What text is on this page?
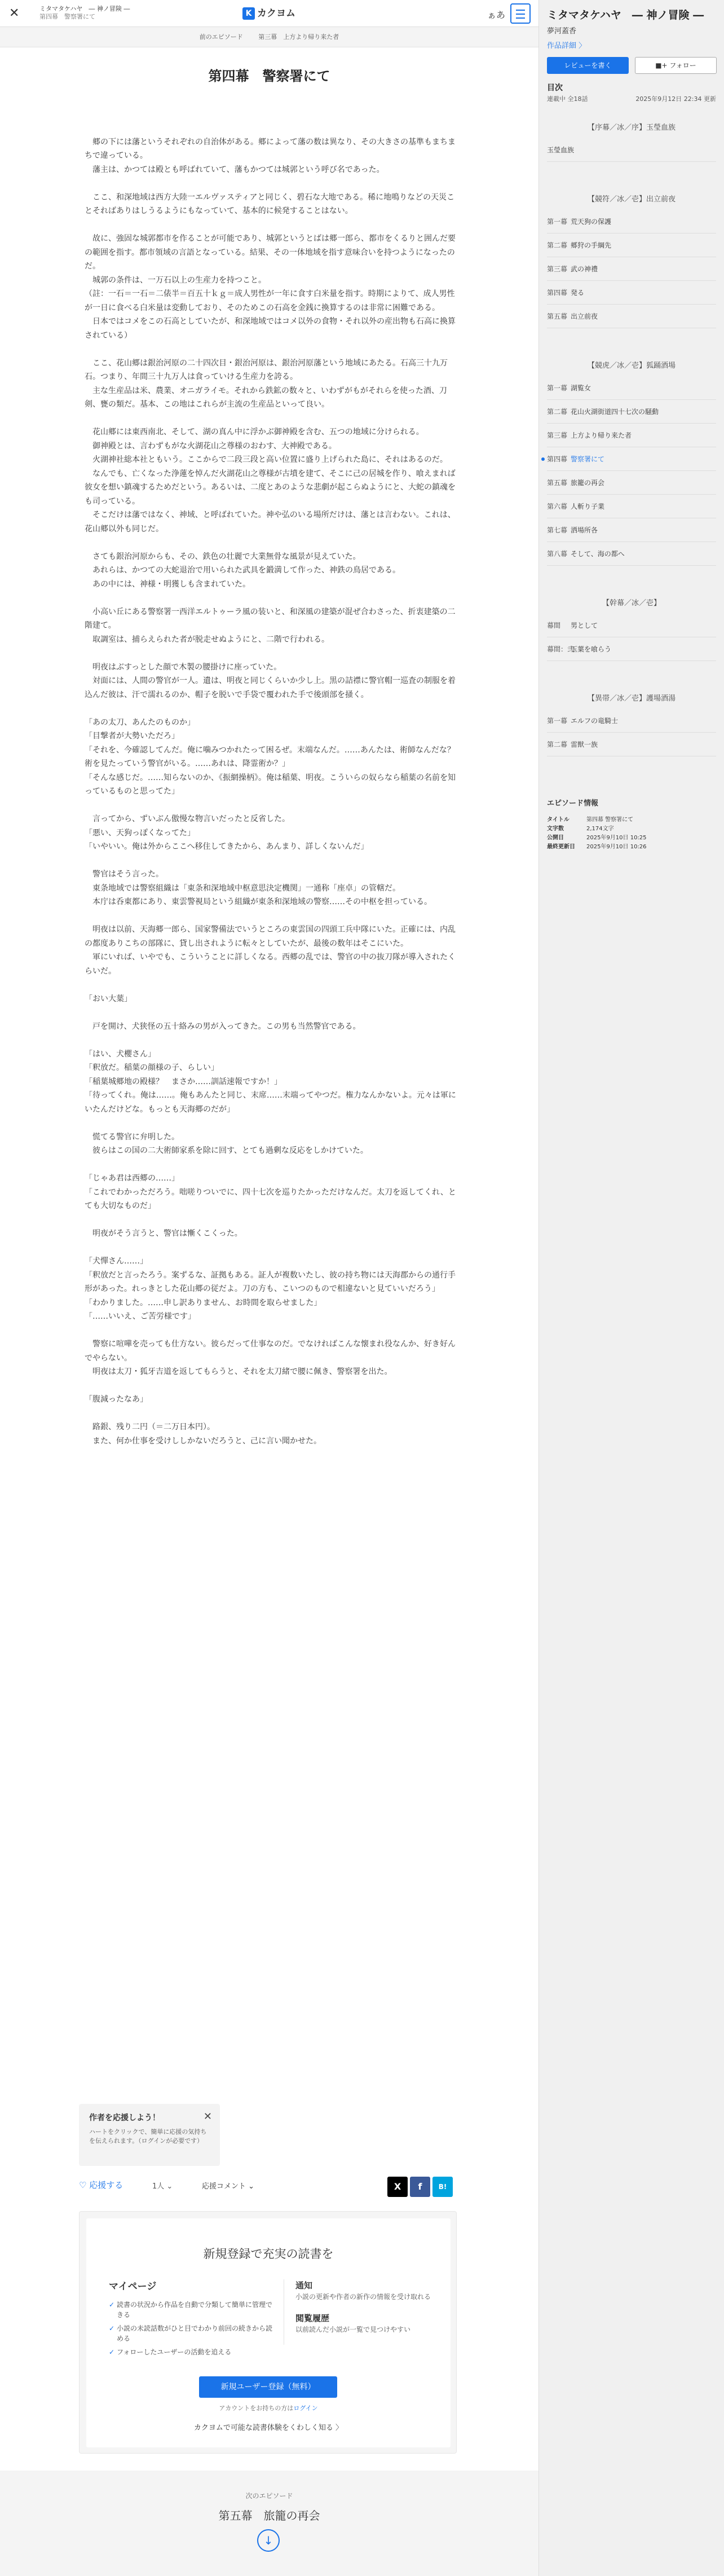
✕	ミタマタケハヤ　― 神ノ冒険 ―
第四幕　警察署にて	K カクヨム	ぁあ
前のエピソード	第三幕　上方より帰り来た者
第四幕　警察署にて

　郷の下には藩というそれぞれの自治体がある。郷によって藩の数は異なり、その大きさの基準もまちまちで違っている。

　藩主は、かつては殿とも呼ばれていて、藩もかつては城郭という呼び名であった。

　ここ、和深地域は西方大陸一エルヴァスティアと同じく、碧石な大地である。稀に地鳴りなどの天災ことそればありはしうるようにもなっていて、基本的に候発することはない。

　故に、強固な城郭都市を作ることが可能であり、城郭というとばは郷一郎ら、都市をくるりと囲んだ要の範囲を指す。都市領域の言語となっている。結果、その一体地域を指す意味合いを持つようになったのだ。

　城郭の条件は、一万石以上の生産力を持つこと。

（註：一石＝一石＝二俵半＝百五十ｋｇ＝成人男性が一年に食す白米量を指す。時期によりて、成人男性が一日に食べる白米量は変動しており、そのためこの石高を金銭に換算するのは非常に困難である。

　日本ではコメをこの石高としていたが、和深地域ではコメ以外の食物・それ以外の産出物も石高に換算されている）

　ここ、花山郷は銀治河原の二十四次目・銀治河原は、銀治河原藩という地域にあたる。石高三十九万石。つまり、年間三十九万人は食っていける生産力を誇る。

　主な生産品は米、農業、オニガライモ。それから鉄鉱の数々と、いわずがもがそれらを使った酒、刀剣、甕の類だ。基本、この地はこれらが主流の生産品といって良い。

　花山郷には東西南北、そして、湖の真ん中に浮かぶ御神殿を含む、五つの地域に分けられる。

　御神殿とは、言わずもがな火湖花山之尊様のおわす、大神殿である。

　火湖神社総本社ともいう。ここからで二段三段と高い位置に盛り上げられた島に、それはあるのだ。

　なんでも、亡くなった浄蓮を悼んだ火湖花山之尊様が古墳を建て、そこに己の居城を作り、喰えまれば彼女を想い鎮魂するためだという。あるいは、二度とあのような悲劇が起こらぬようにと、大蛇の鎮魂をも司っている。

　そこだけは藩ではなく、神域、と呼ばれていた。神や弘のいる場所だけは、藩とは言わない。これは、花山郷以外も同じだ。

　さても銀治河原からも、その、鉄色の壮麗で大業無骨な風景が見えていた。

　あれらは、かつての大蛇退治で用いられた武具を鍛満して作った、神鉄の鳥居である。

　あの中には、神様・明獲しも含まれていた。

　小高い丘にある警察署一西洋エルトゥーラ風の装いと、和深風の建築が混ぜ合わさった、折衷建築の二階建て。

　取調室は、捕らえられた者が脱走せぬようにと、二階で行われる。

　明夜はぶすっとした顔で木製の腰掛けに座っていた。

　対面には、人間の警官が一人。遺は、明夜と同じくらいか少し上。黒の詰襟に警官帽一巡査の制服を着込んだ彼は、汗で濡れるのか、帽子を脱いで手袋で覆われた手で後頭部を掻く。

「あの太刀、あんたのものか」

「目撃者が大勢いただろ」

「それを、今確認してんだ。俺に噛みつかれたって困るぜ。末端なんだ。……あんたは、術師なんだな？　術を見たっていう警官がいる。……あれは、降霊術か？」

「そんな感じだ。……知らないのか、《振網操柄》。俺は稲葉、明夜。こういらの奴らなら稲葉の名前を知っているものと思ってた」

　言ってから、ずいぶん傲慢な物言いだったと反省した。

「悪い、天狗っぽくなってた」

「いやいい。俺は外からここへ移住してきたから、あんまり、詳しくないんだ」

　警官はそう言った。

　東条地域では警察組織は「東条和深地域中枢意思決定機関」一通称「座卓」の管轄だ。

　本庁は呑東都にあり、東雲警視局という組織が東条和深地域の警察……その中枢を担っている。

　明夜は以前、天海郷一郎ら、国家警備法でいうところの東雲国の四頭工兵中隊にいた。正確には、内乱の都度ありこちの部隊に、貸し出されように転々としていたが、最後の数年はそこにいた。

　軍にいれば、いやでも、こういうことに詳しくなる。西郷の乱では、警官の中の抜刀隊が導入されたくらいだ。

「おい大葉」

　戸を開け、犬狭怪の五十絡みの男が入ってきた。この男も当然警官である。

「はい、犬櫻さん」

「釈放だ。稲葉の顔様の子、らしい」

「稲葉城郷地の殿様？　まさか……訓話速報ですか！」

「待ってくれ。俺は……。俺もあんたと同じ、末席……末端ってやつだ。権力なんかないよ。元々は軍にいたんだけどな。もっとも天海郷のだが」

　慌てる警官に弁明した。

　彼らはこの国の二大術師家系を除に回す、とても過剰な反応をしかけていた。

「じゃあ君は西郷の……」

「これでわかっただろう。咄嗟りついでに、四十七次を巡りたかっただけなんだ。太刀を返してくれ、とても大切なものだ」

　明夜がそう言うと、警官は慚くこくった。

「犬憚さん……」

「釈放だと言ったろう。案ずるな、証拠もある。証人が複数いたし、彼の持ち物には天海郡からの通行手形があった。れっきとした花山郷の従だよ。刀の方も、こいつのもので相違ないと見ていいだろう」

「わかりました。……申し訳ありません、お時間を取らせました」

「……いいえ、ご苦労様です」

　警察に喧嘩を売っても仕方ない。彼らだって仕事なのだ。でなければこんな懐まれ役なんか、好き好んでやらない。

　明夜は太刀・狐牙吉道を返してもらうと、それを太刀緒で腰に佩き、警察署を出た。

「腹減ったなあ」

　路銀、残り二円（＝二万日本円）。

　また、何か仕事を受けししかないだろうと、己に言い聞かせた。

作者を応援しよう！	✕
ハートをクリックで、簡単に応援の気持ちを伝えられます。（ログインが必要です）
♡ 応援する	1人 ⌄	応援コメント ⌄	X	f	B!
新規登録で充実の読書を
マイページ
✓ 読書の状況から作品を自動で分類して簡単に管理できる
✓ 小説の未読話数がひと目でわかり前回の続きから読める
✓ フォローしたユーザーの活動を追える
通知
小説の更新や作者の新作の情報を受け取れる
閲覧履歴
以前読んだ小説が一覧で見つけやすい
新規ユーザー登録（無料）
アカウントをお持ちの方はログイン
カクヨムで可能な読書体験をくわしく知る 〉
次のエピソード
第五幕　旅籠の再会
↓
ミタマタケハヤ　― 神ノ冒険 ―
夢河蓋香
作品詳細 〉
レビューを書く	■+ フォロー
目次
連載中 全18話	2025年9月12日 22:34 更新
エピソード情報
タイトル	第四幕 警察署にて
文字数	2,174文字
公開日	2025年9月10日 10:25
最終更新日 2025年9月10日 10:26
【序幕／冰／序】玉瑩血族
玉瑩血族
【競符／冰／壱】出立前夜
第一幕 荒天狗の保護
第二幕 郷狩の手綱先
第三幕 武の神禮
第四幕 発る
第五幕 出立前夜
【競虎／冰／壱】狐踊酒場
第一幕 湖覧女
第二幕 花山火湖街道四十七次の騒動
第三幕 上方より帰り来た者
第四幕 警察署にて
第五幕 旅籠の再会
第六幕 人斬り子業
第七幕 洒場所各
第八幕 そして、海の都へ
【幹幕／冰／壱】
幕間 男として
幕間：弐玉葉を喰らう
【異帯／冰／壱】護場酒湯
第一幕 エルフの竜騎士
第二幕 雷獣一族
